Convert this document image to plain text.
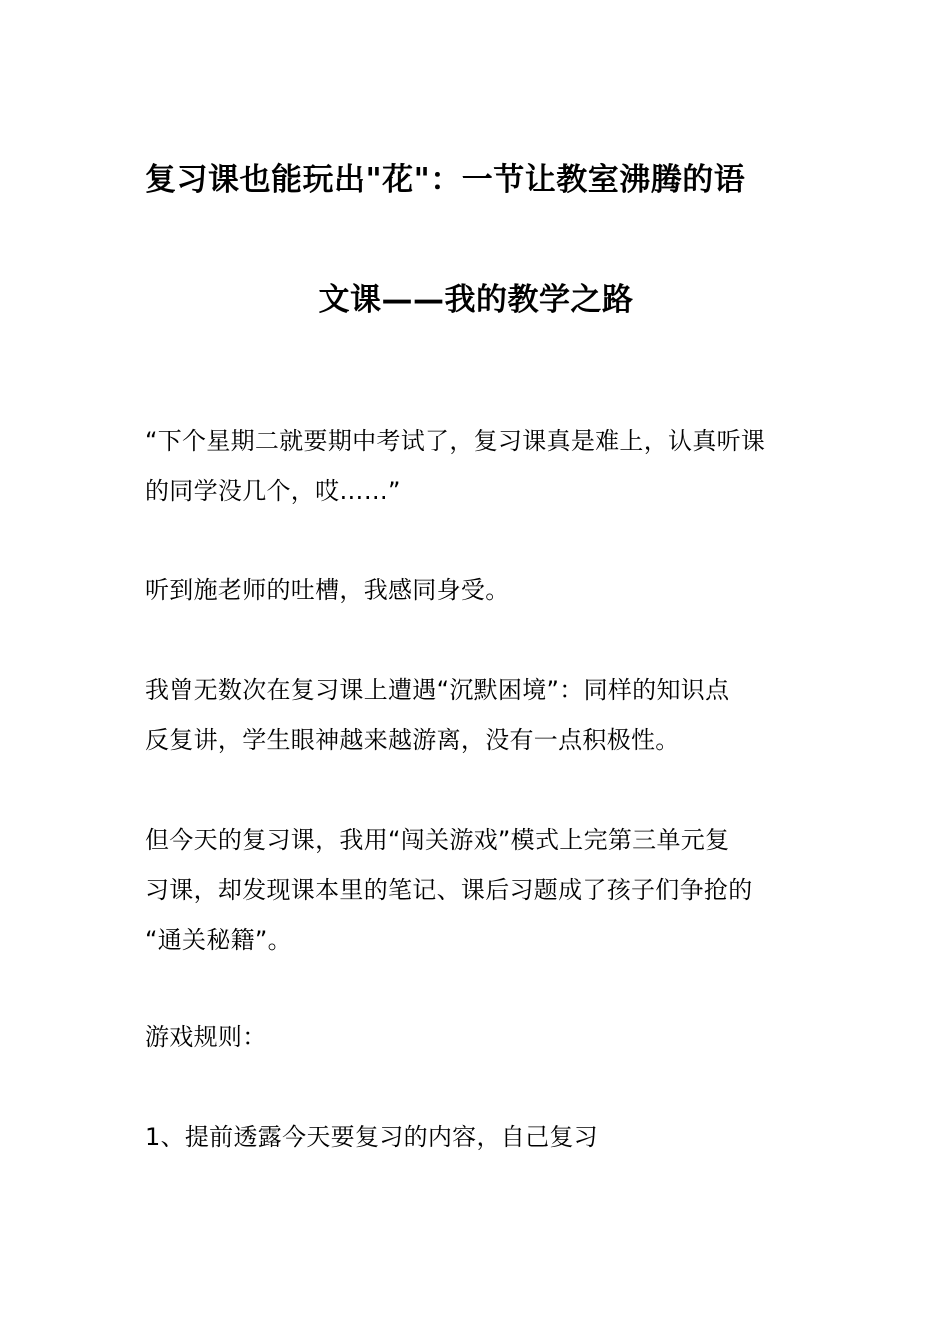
复习课也能玩出"花"：一节让教室沸腾的语
文课——我的教学之路
“下个星期二就要期中考试了，复习课真是难上，认真听课
的同学没几个，哎……”
听到施老师的吐槽，我感同身受。
我曾无数次在复习课上遭遇“沉默困境”：同样的知识点
反复讲，学生眼神越来越游离，没有一点积极性。
但今天的复习课，我用“闯关游戏”模式上完第三单元复
习课，却发现课本里的笔记、课后习题成了孩子们争抢的
“通关秘籍”。
游戏规则：
1、提前透露今天要复习的内容，自己复习
